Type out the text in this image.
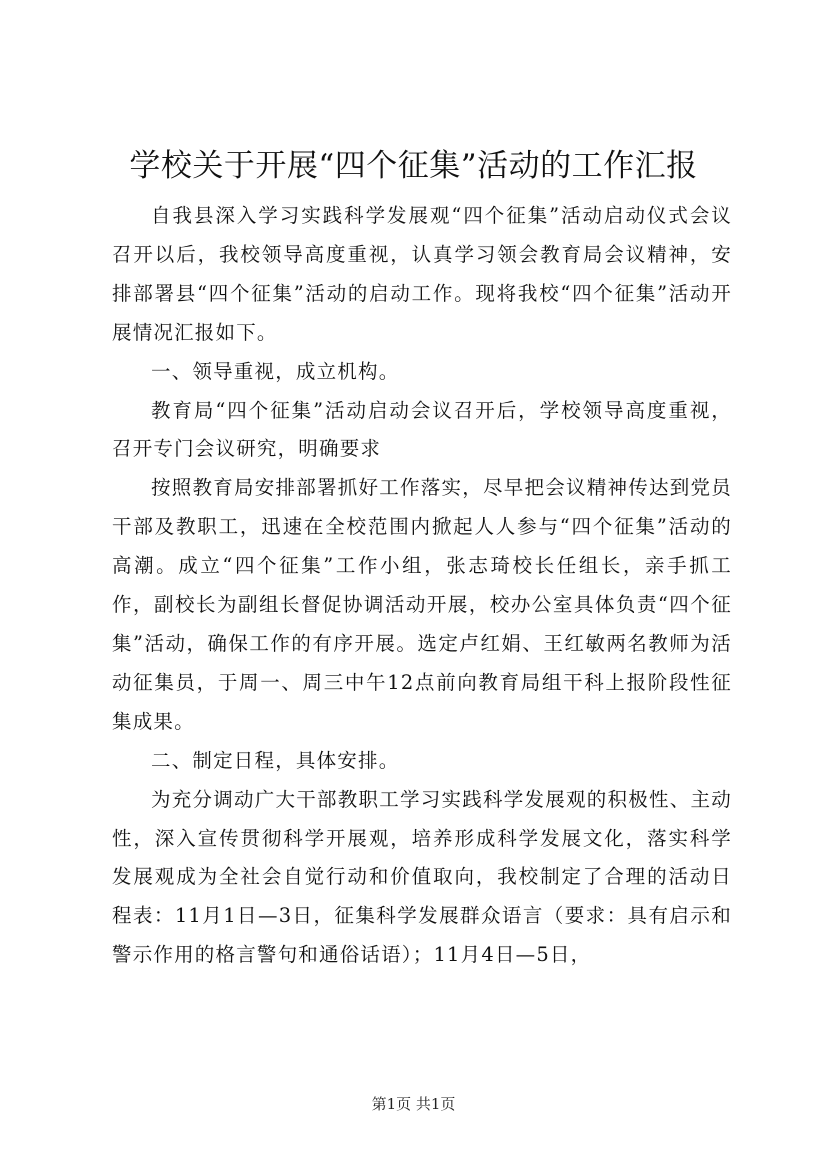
学校关于开展“四个征集”活动的工作汇报

自我县深入学习实践科学发展观“四个征集”活动启动仪式会议召开以后，我校领导高度重视，认真学习领会教育局会议精神，安排部署县“四个征集”活动的启动工作。现将我校“四个征集”活动开展情况汇报如下。

一、领导重视，成立机构。

教育局“四个征集”活动启动会议召开后，学校领导高度重视，召开专门会议研究，明确要求

按照教育局安排部署抓好工作落实，尽早把会议精神传达到党员干部及教职工，迅速在全校范围内掀起人人参与“四个征集”活动的高潮。成立“四个征集”工作小组，张志琦校长任组长，亲手抓工作，副校长为副组长督促协调活动开展，校办公室具体负责“四个征集”活动，确保工作的有序开展。选定卢红娟、王红敏两名教师为活动征集员，于周一、周三中午12点前向教育局组干科上报阶段性征集成果。

二、制定日程，具体安排。

为充分调动广大干部教职工学习实践科学发展观的积极性、主动性，深入宣传贯彻科学开展观，培养形成科学发展文化，落实科学发展观成为全社会自觉行动和价值取向，我校制定了合理的活动日程表：11月1日—3日，征集科学发展群众语言（要求：具有启示和警示作用的格言警句和通俗话语）；11月4日—5日，

第1页 共1页
